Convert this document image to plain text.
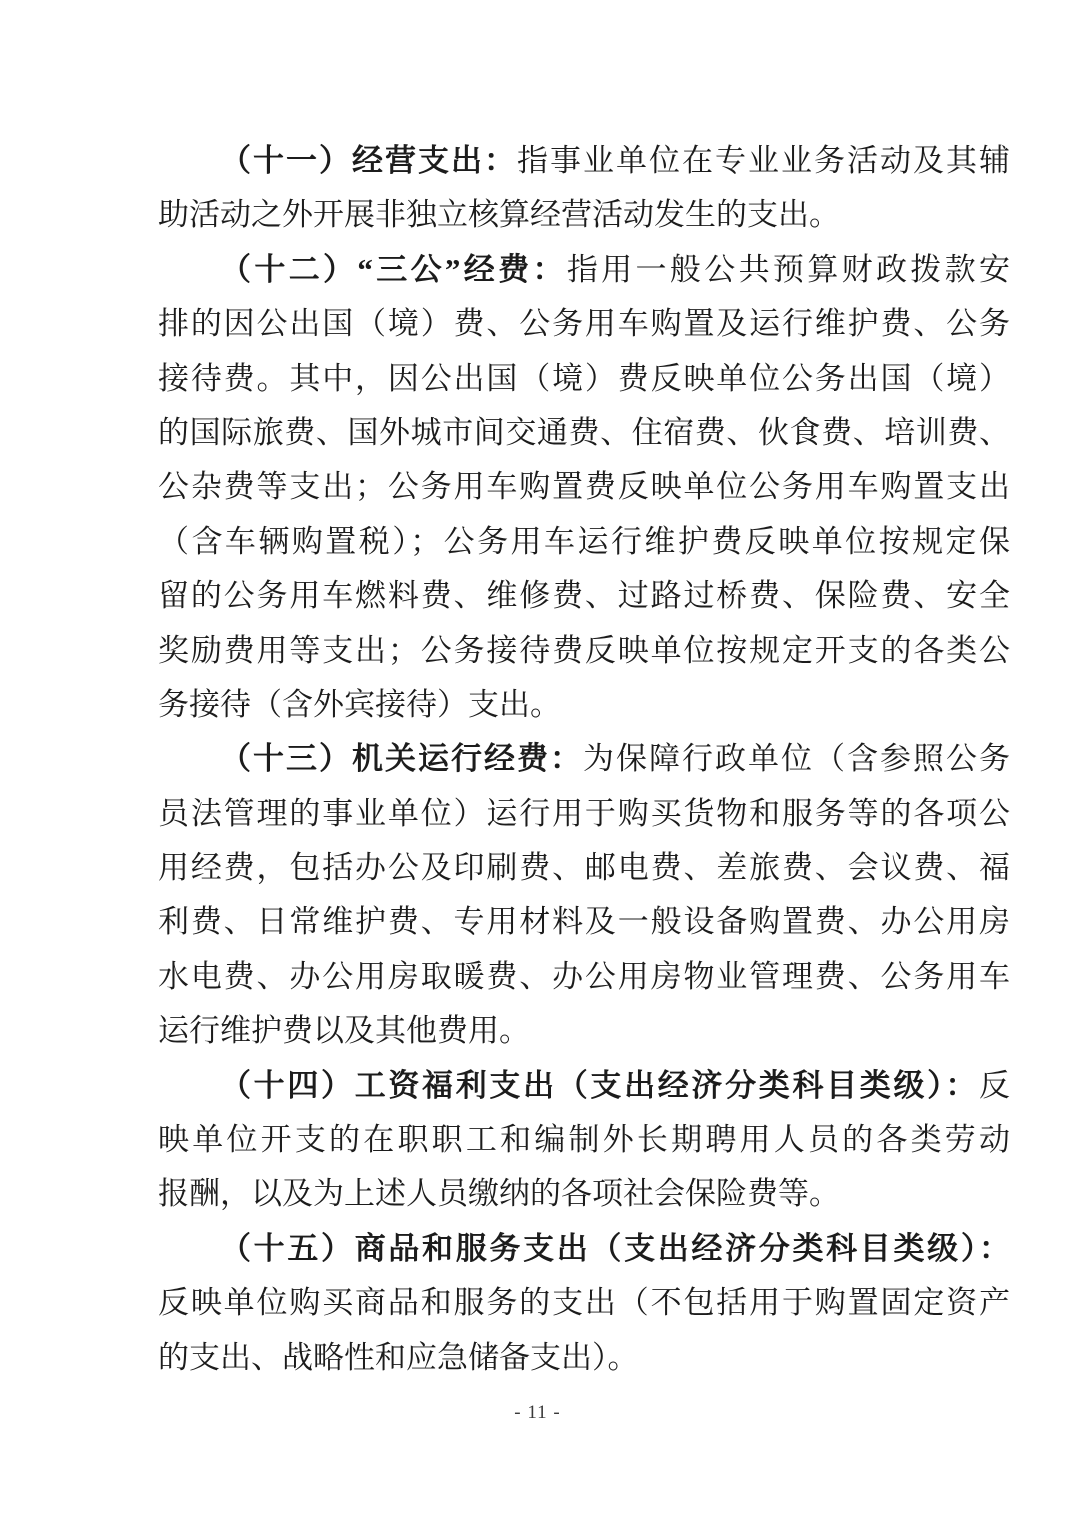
（十一）经营支出：指事业单位在专业业务活动及其辅
助活动之外开展非独立核算经营活动发生的支出。
（十二）“三公”经费：指用一般公共预算财政拨款安
排的因公出国（境）费、公务用车购置及运行维护费、公务
接待费。其中，因公出国（境）费反映单位公务出国（境）
的国际旅费、国外城市间交通费、住宿费、伙食费、培训费、
公杂费等支出；公务用车购置费反映单位公务用车购置支出
（含车辆购置税）；公务用车运行维护费反映单位按规定保
留的公务用车燃料费、维修费、过路过桥费、保险费、安全
奖励费用等支出；公务接待费反映单位按规定开支的各类公
务接待（含外宾接待）支出。
（十三）机关运行经费：为保障行政单位（含参照公务
员法管理的事业单位）运行用于购买货物和服务等的各项公
用经费，包括办公及印刷费、邮电费、差旅费、会议费、福
利费、日常维护费、专用材料及一般设备购置费、办公用房
水电费、办公用房取暖费、办公用房物业管理费、公务用车
运行维护费以及其他费用。
（十四）工资福利支出（支出经济分类科目类级）：反
映单位开支的在职职工和编制外长期聘用人员的各类劳动
报酬，以及为上述人员缴纳的各项社会保险费等。
（十五）商品和服务支出（支出经济分类科目类级）：
反映单位购买商品和服务的支出（不包括用于购置固定资产
的支出、战略性和应急储备支出）。
- 11 -
